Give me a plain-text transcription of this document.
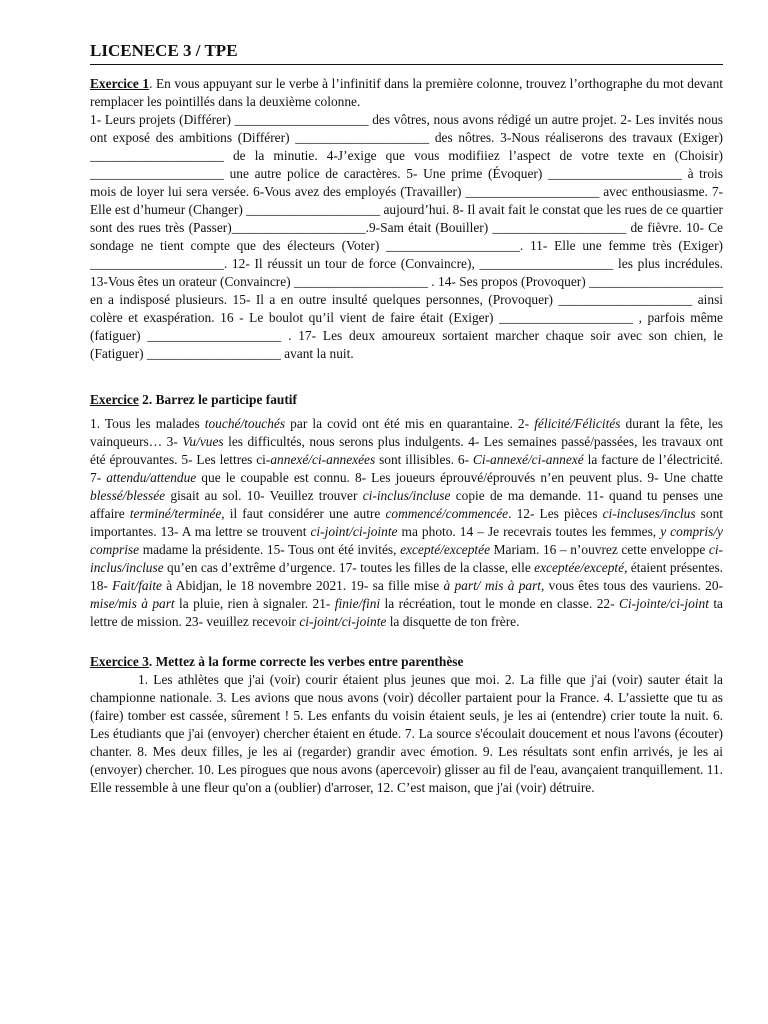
LICENECE 3 / TPE

Exercice 1. En vous appuyant sur le verbe à l’infinitif dans la première colonne, trouvez l’orthographe du mot devant remplacer les pointillés dans la deuxième colonne.

1- Leurs projets (Différer) ____________________ des vôtres, nous avons rédigé un autre projet. 2- Les invités nous ont exposé des ambitions (Différer) ____________________ des nôtres. 3-Nous réaliserons des travaux (Exiger) ____________________ de la minutie. 4-J’exige que vous modifiiez l’aspect de votre texte en (Choisir) ____________________ une autre police de caractères. 5- Une prime (Évoquer) ____________________ à trois mois de loyer lui sera versée. 6-Vous avez des employés (Travailler) ____________________ avec enthousiasme. 7-Elle est d’humeur (Changer) ____________________ aujourd’hui. 8- Il avait fait le constat que les rues de ce quartier sont des rues très (Passer)____________________.9-Sam était (Bouiller) ____________________ de fièvre. 10- Ce sondage ne tient compte que des électeurs (Voter) ____________________. 11- Elle une femme très (Exiger) ____________________. 12- Il réussit un tour de force (Convaincre), ____________________ les plus incrédules. 13-Vous êtes un orateur (Convaincre) ____________________ . 14- Ses propos (Provoquer) ____________________ en a indisposé plusieurs. 15- Il a en outre insulté quelques personnes, (Provoquer) ____________________ ainsi colère et exaspération. 16 - Le boulot qu’il vient de faire était (Exiger) ____________________ , parfois même (fatiguer) ____________________ . 17- Les deux amoureux sortaient marcher chaque soir avec son chien, le (Fatiguer) ____________________ avant la nuit.

Exercice 2. Barrez le participe fautif

1. Tous les malades touché/touchés par la covid ont été mis en quarantaine. 2- félicité/Félicités durant la fête, les vainqueurs… 3- Vu/vues les difficultés, nous serons plus indulgents. 4- Les semaines passé/passées, les travaux ont été éprouvantes. 5- Les lettres ci-annexé/ci-annexées sont illisibles. 6- Ci-annexé/ci-annexé la facture de l’électricité. 7- attendu/attendue que le coupable est connu. 8- Les joueurs éprouvé/éprouvés n’en peuvent plus. 9- Une chatte blessé/blessée gisait au sol. 10- Veuillez trouver ci-inclus/incluse copie de ma demande. 11- quand tu penses une affaire terminé/terminée, il faut considérer une autre commencé/commencée. 12- Les pièces ci-incluses/inclus sont importantes. 13- A ma lettre se trouvent ci-joint/ci-jointe ma photo. 14 – Je recevrais toutes les femmes, y compris/y comprise madame la présidente. 15- Tous ont été invités, excepté/exceptée Mariam. 16 – n’ouvrez cette enveloppe ci-inclus/incluse qu’en cas d’extrême d’urgence. 17- toutes les filles de la classe, elle exceptée/excepté, étaient présentes. 18- Fait/faite à Abidjan, le 18 novembre 2021. 19- sa fille mise à part/ mis à part, vous êtes tous des vauriens. 20- mise/mis à part la pluie, rien à signaler. 21- finie/fini la récréation, tout le monde en classe. 22- Ci-jointe/ci-joint ta lettre de mission. 23- veuillez recevoir ci-joint/ci-jointe la disquette de ton frère.

Exercice 3. Mettez à la forme correcte les verbes entre parenthèse

1. Les athlètes que j'ai (voir) courir étaient plus jeunes que moi. 2. La fille que j'ai (voir) sauter était la championne nationale. 3. Les avions que nous avons (voir) décoller partaient pour la France. 4. L’assiette que tu as (faire) tomber est cassée, sûrement ! 5. Les enfants du voisin étaient seuls, je les ai (entendre) crier toute la nuit. 6. Les étudiants que j'ai (envoyer) chercher étaient en étude. 7. La source s'écoulait doucement et nous l'avons (écouter) chanter. 8. Mes deux filles, je les ai (regarder) grandir avec émotion. 9. Les résultats sont enfin arrivés, je les ai (envoyer) chercher. 10. Les pirogues que nous avons (apercevoir) glisser au fil de l'eau, avançaient tranquillement. 11. Elle ressemble à une fleur qu'on a (oublier) d'arroser, 12. C’est maison, que j'ai (voir) détruire.
